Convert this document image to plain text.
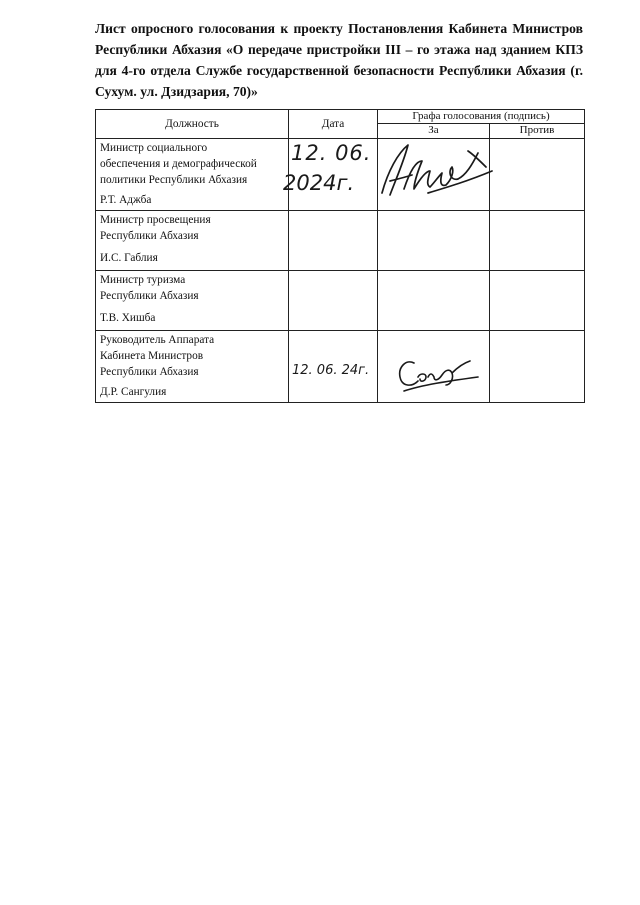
Лист опросного голосования к проекту Постановления Кабинета Министров Республики Абхазия «О передаче пристройки III – го этажа над зданием КПЗ для 4-го отдела Службе государственной безопасности Республики Абхазия (г. Сухум. ул. Дзидзария, 70)»

Должность	Дата	Графа голосования (подпись)	
		За	Против

Министр социального
обеспечения и демографической
политики Республики Абхазия
Р.Т. Аджба	12. 06.
2024г.

Министр просвещения
Республики Абхазия
И.С. Габлия			

Министр туризма
Республики Абхазия
Т.В. Хишба			

Руководитель Аппарата
Кабинета Министров
Республики Абхазия
Д.Р. Сангулия	12. 06. 24г.
